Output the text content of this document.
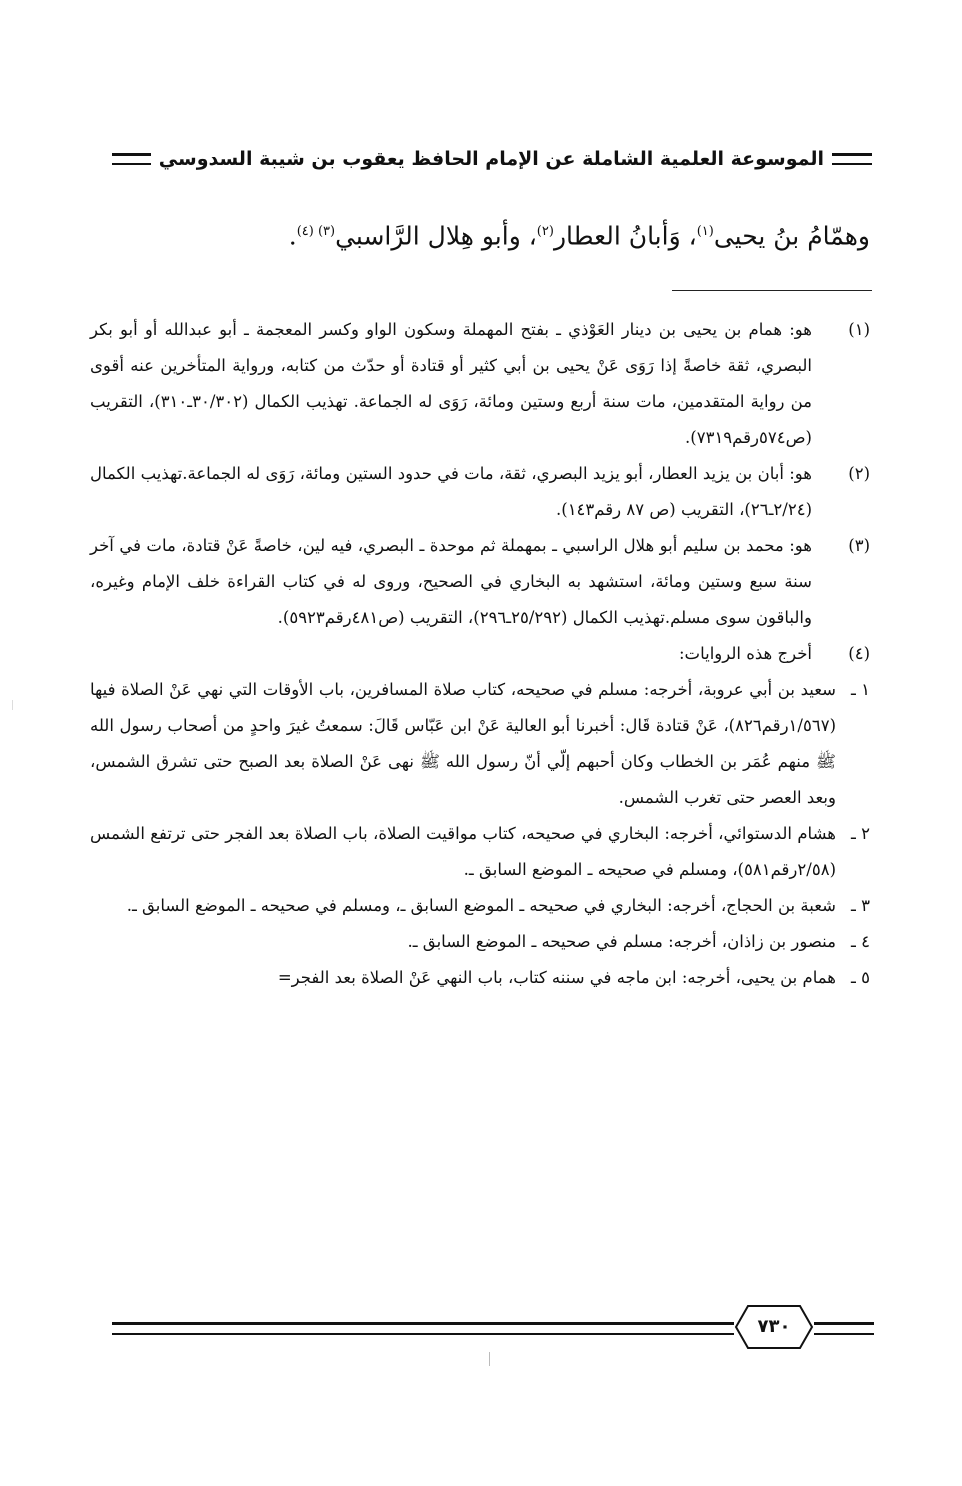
الموسوعة العلمية الشاملة عن الإمام الحافظ يعقوب بن شيبة السدوسي
وهمّامُ بنُ يحيى$^{(١)}$، وَأبانُ العطار$^{(٢)}$، وأبو هِلال الرَّاسبي$^{(٣) (٤)}$.
(١)
هو: همام بن يحيى بن دينار العَوْذي ـ بفتح المهملة وسكون الواو وكسر المعجمة ـ أبو عبدالله أو أبو بكر البصري، ثقة خاصةً إذا رَوَى عَنْ يحيى بن أبي كثير أو قتادة أو حدّث من كتابه، ورواية المتأخرين عنه أقوى من رواية المتقدمين، مات سنة أربع وستين ومائة، رَوَى له الجماعة. تهذيب الكمال (٣٠/٣٠٢ـ٣١٠)، التقريب (ص٥٧٤رقم٧٣١٩).
(٢)
هو: أبان بن يزيد العطار، أبو يزيد البصري، ثقة، مات في حدود الستين ومائة، رَوَى له الجماعة.تهذيب الكمال (٢/٢٤ـ٢٦)، التقريب (ص ٨٧ رقم١٤٣).
(٣)
هو: محمد بن سليم أبو هلال الراسبي ـ بمهملة ثم موحدة ـ البصري، فيه لين، خاصةً عَنْ قتادة، مات في آخر سنة سبع وستين ومائة، استشهد به البخاري في الصحيح، وروى له في كتاب القراءة خلف الإمام وغيره، والباقون سوى مسلم.تهذيب الكمال (٢٥/٢٩٢ـ٢٩٦)، التقريب (ص٤٨١رقم٥٩٢٣).
(٤)
أخرج هذه الروايات:
١ ـ
سعيد بن أبي عروبة، أخرجه: مسلم في صحيحه، كتاب صلاة المسافرين، باب الأوقات التي نهي عَنْ الصلاة فيها (١/٥٦٧رقم٨٢٦)، عَنْ قتادة قَال: أخبرنا أبو العالية عَنْ ابن عَبّاس قَالَ: سمعتُ غيرَ واحدٍ من أصحاب رسول الله ﷺ منهم عُمَر بن الخطاب وكان أحبهم إلّي أنّ رسول الله ﷺ نهى عَنْ الصلاة بعد الصبح حتى تشرق الشمس، وبعد العصر حتى تغرب الشمس.
٢ ـ
هشام الدستوائي، أخرجه: البخاري في صحيحه، كتاب مواقيت الصلاة، باب الصلاة بعد الفجر حتى ترتفع الشمس (٢/٥٨رقم٥٨١)، ومسلم في صحيحه ـ الموضع السابق ـ.
٣ ـ
شعبة بن الحجاج، أخرجه: البخاري في صحيحه ـ الموضع السابق ـ، ومسلم في صحيحه ـ الموضع السابق ـ.
٤ ـ
منصور بن زاذان، أخرجه: مسلم في صحيحه ـ الموضع السابق ـ.
٥ ـ
همام بن يحيى، أخرجه: ابن ماجه في سننه كتاب، باب النهي عَنْ الصلاة بعد الفجر=
٧٣٠
